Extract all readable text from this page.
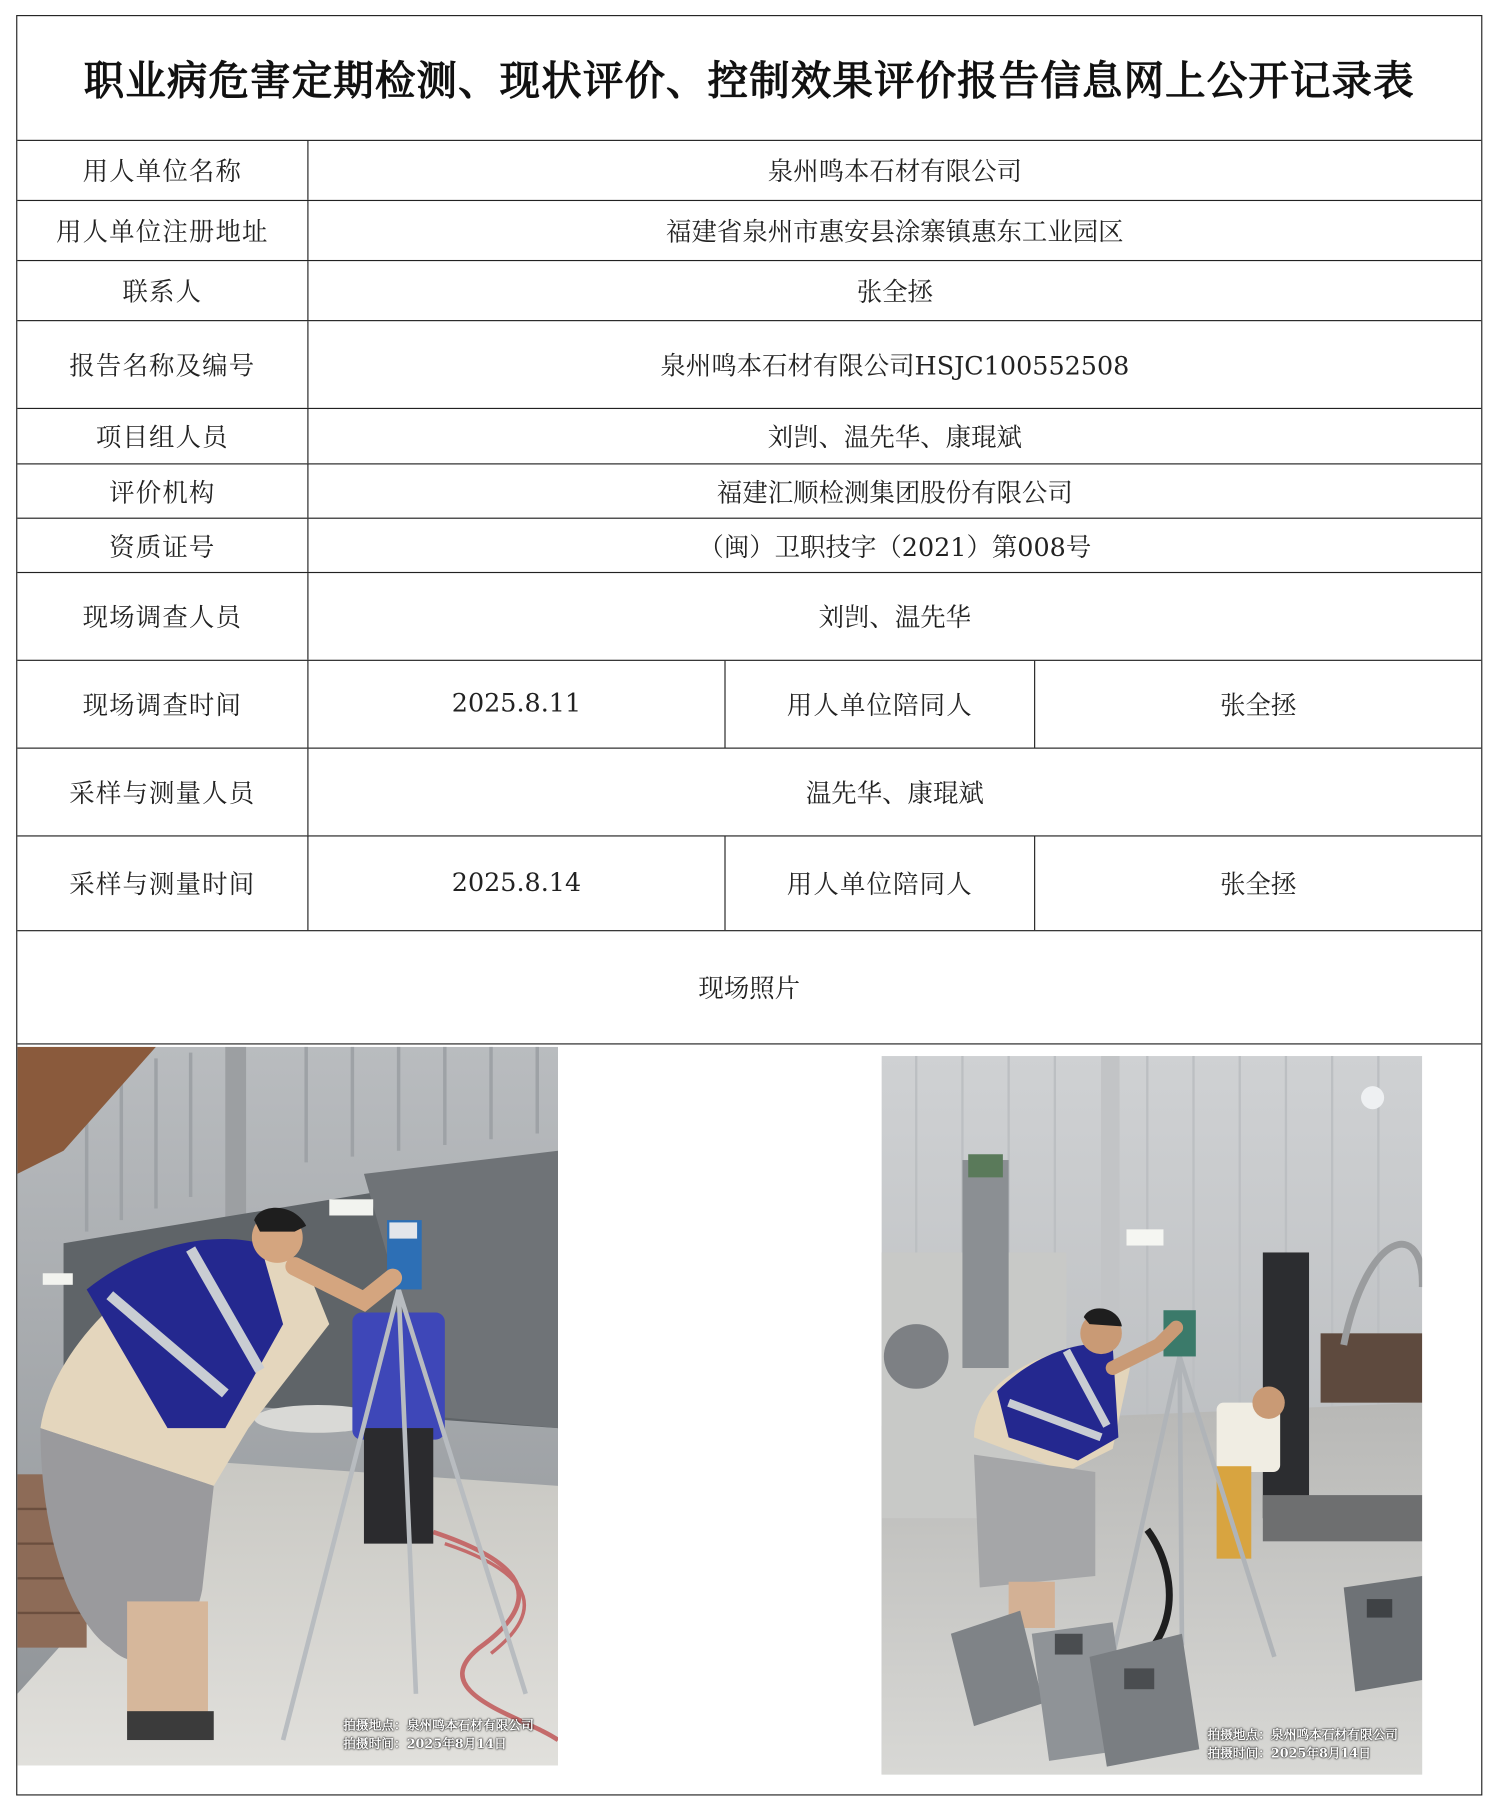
职业病危害定期检测、现状评价、控制效果评价报告信息网上公开记录表
用人单位名称	泉州鸣本石材有限公司
用人单位注册地址	福建省泉州市惠安县涂寨镇惠东工业园区
联系人	张全拯
报告名称及编号	泉州鸣本石材有限公司HSJC100552508
项目组人员	刘剀、温先华、康琨斌
评价机构	福建汇顺检测集团股份有限公司
资质证号	（闽）卫职技字（2021）第008号
现场调查人员	刘剀、温先华
现场调查时间	2025.8.11	用人单位陪同人	张全拯
采样与测量人员	温先华、康琨斌
采样与测量时间	2025.8.14	用人单位陪同人	张全拯
现场照片
拍摄地点：泉州鸣本石材有限公司
拍摄时间：2025年8月14日
拍摄地点：泉州鸣本石材有限公司
拍摄时间：2025年8月14日
